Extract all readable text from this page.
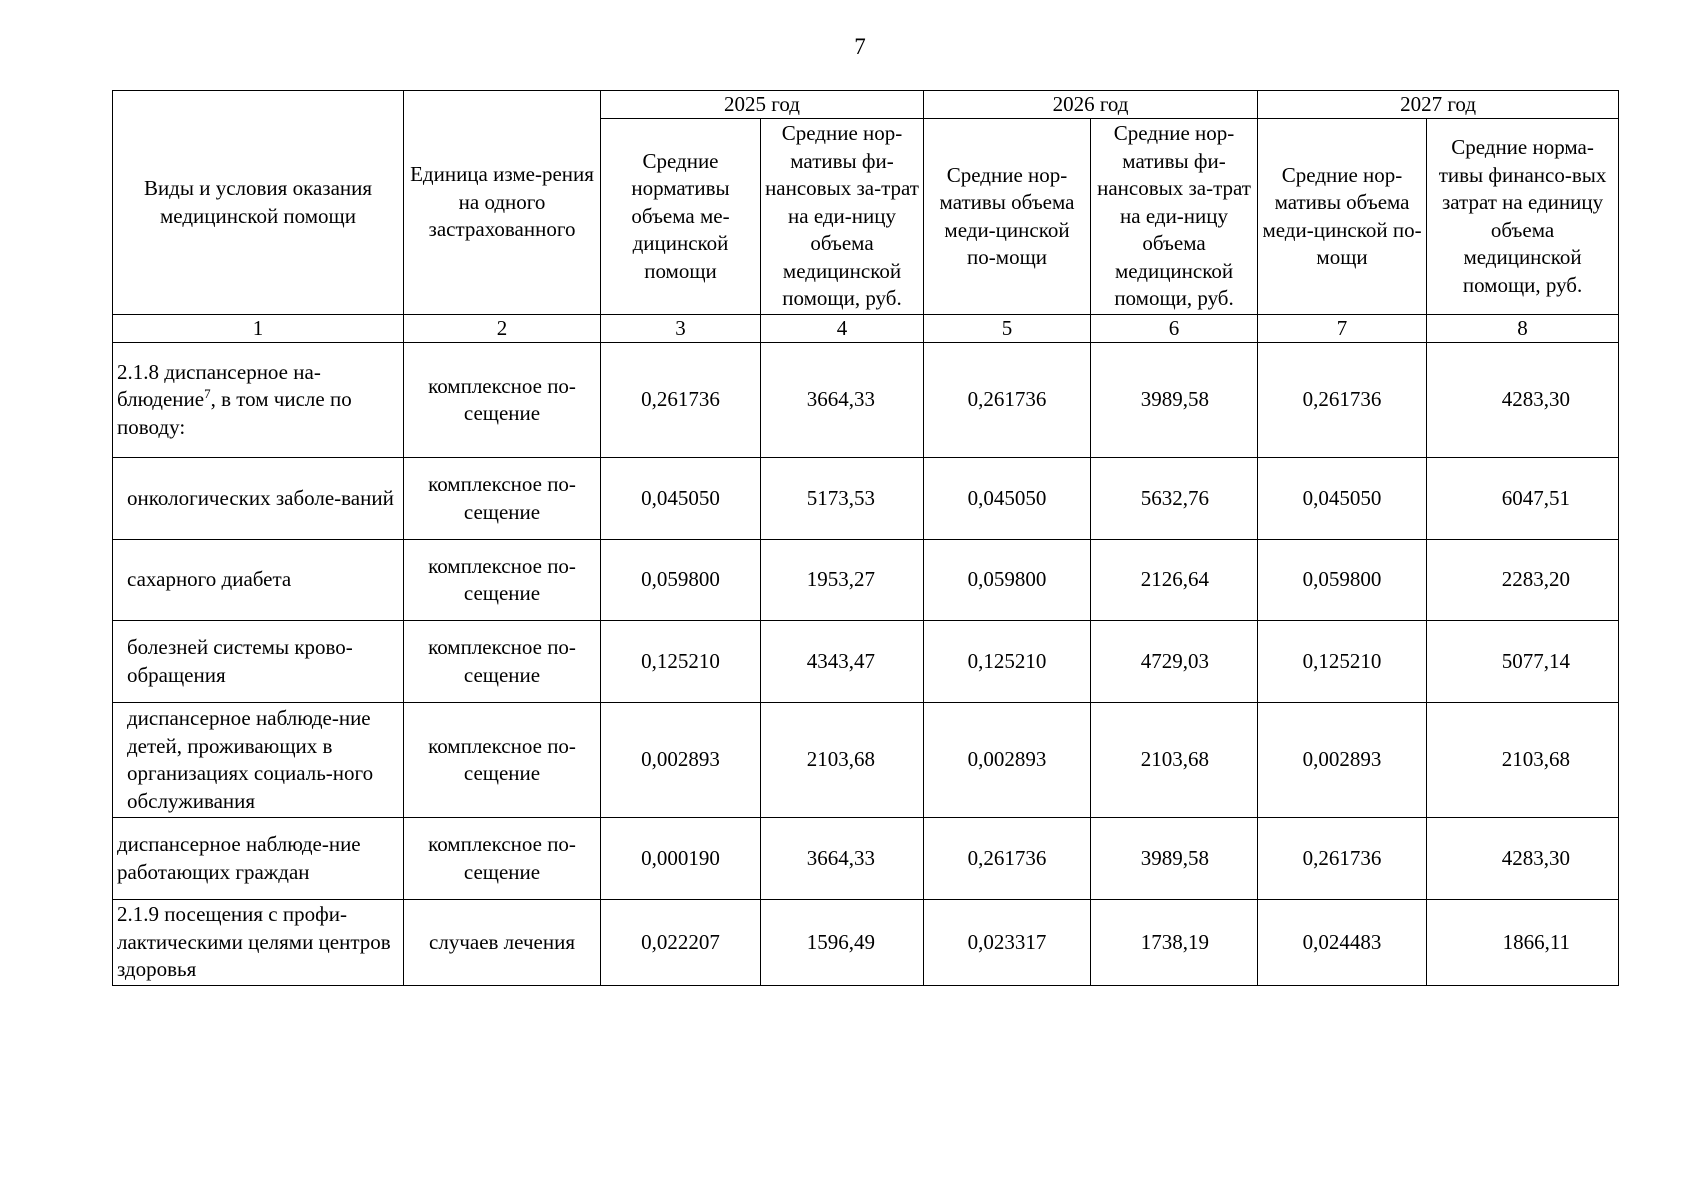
7
Виды и условия оказания медицинской помощи	Единица изме-рения на одного застрахованного	2025 год		2026 год		2027 год	

		Средние нормативы объема ме-дицинской помощи	Средние нор-мативы фи-нансовых за-трат на еди-ницу объема медицинской помощи, руб.	Средние нор-мативы объема меди-цинской по-мощи	Средние нор-мативы фи-нансовых за-трат на еди-ницу объема медицинской помощи, руб.	Средние нор-мативы объема меди-цинской по-мощи	Средние норма-тивы финансо-вых затрат на единицу объема медицинской помощи, руб.

1	2	3	4	5	6	7	8
2.1.8 диспансерное на-блюдение$^7$, в том числе по поводу:	комплексное по-сещение	0,261736	3664,33	0,261736	3989,58	0,261736	4283,30
онкологических заболе-ваний	комплексное по-сещение	0,045050	5173,53	0,045050	5632,76	0,045050	6047,51
сахарного диабета	комплексное по-сещение	0,059800	1953,27	0,059800	2126,64	0,059800	2283,20
болезней системы крово-обращения	комплексное по-сещение	0,125210	4343,47	0,125210	4729,03	0,125210	5077,14
диспансерное наблюде-ние детей, проживающих в организациях социаль-ного обслуживания	комплексное по-сещение	0,002893	2103,68	0,002893	2103,68	0,002893	2103,68
диспансерное наблюде-ние работающих граждан	комплексное по-сещение	0,000190	3664,33	0,261736	3989,58	0,261736	4283,30
2.1.9 посещения с профи-лактическими целями центров здоровья	случаев лечения	0,022207	1596,49	0,023317	1738,19	0,024483	1866,11
